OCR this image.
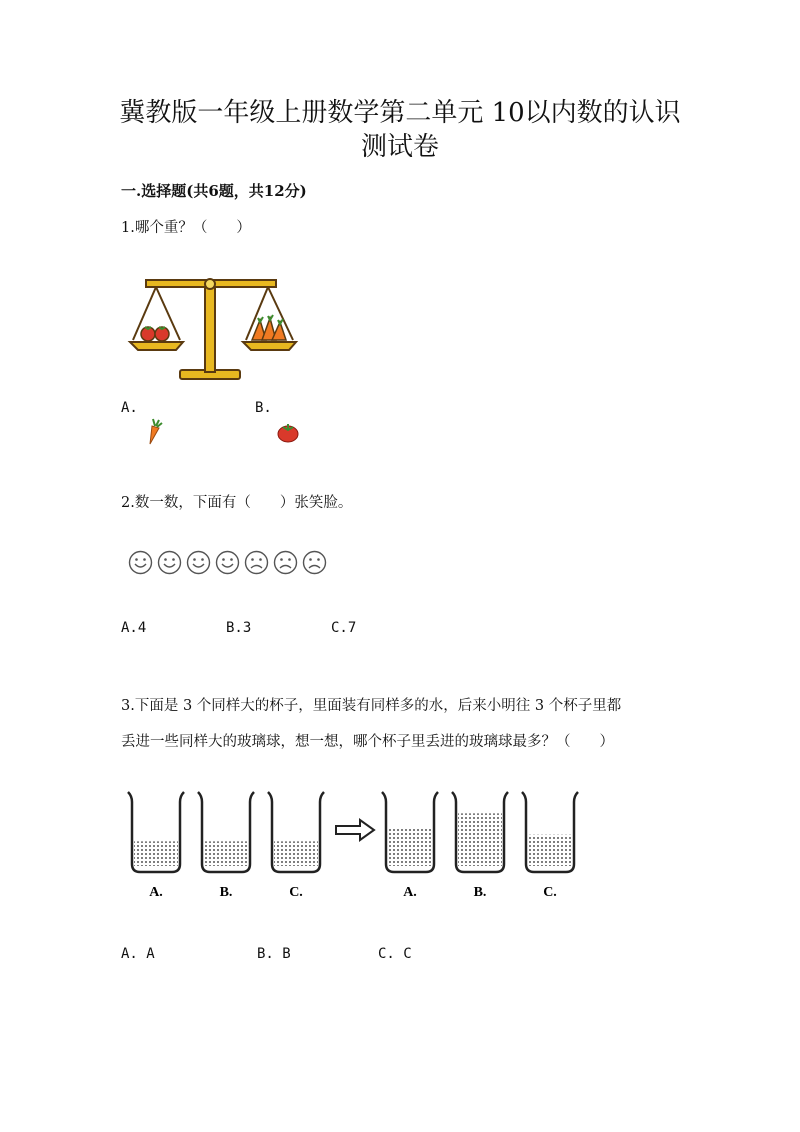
冀教版一年级上册数学第二单元 10以内数的认识
测试卷
一.选择题(共6题，共12分)
1.哪个重？（　　）
A.	B.
2.数一数，下面有（　　）张笑脸。
A.4	B.3	C.7
3.下面是 3 个同样大的杯子，里面装有同样多的水，后来小明往 3 个杯子里都
丢进一些同样大的玻璃球，想一想，哪个杯子里丢进的玻璃球最多？（　　）
A.	B.	C.	A.	B.	C.
A. A	B. B	C. C
